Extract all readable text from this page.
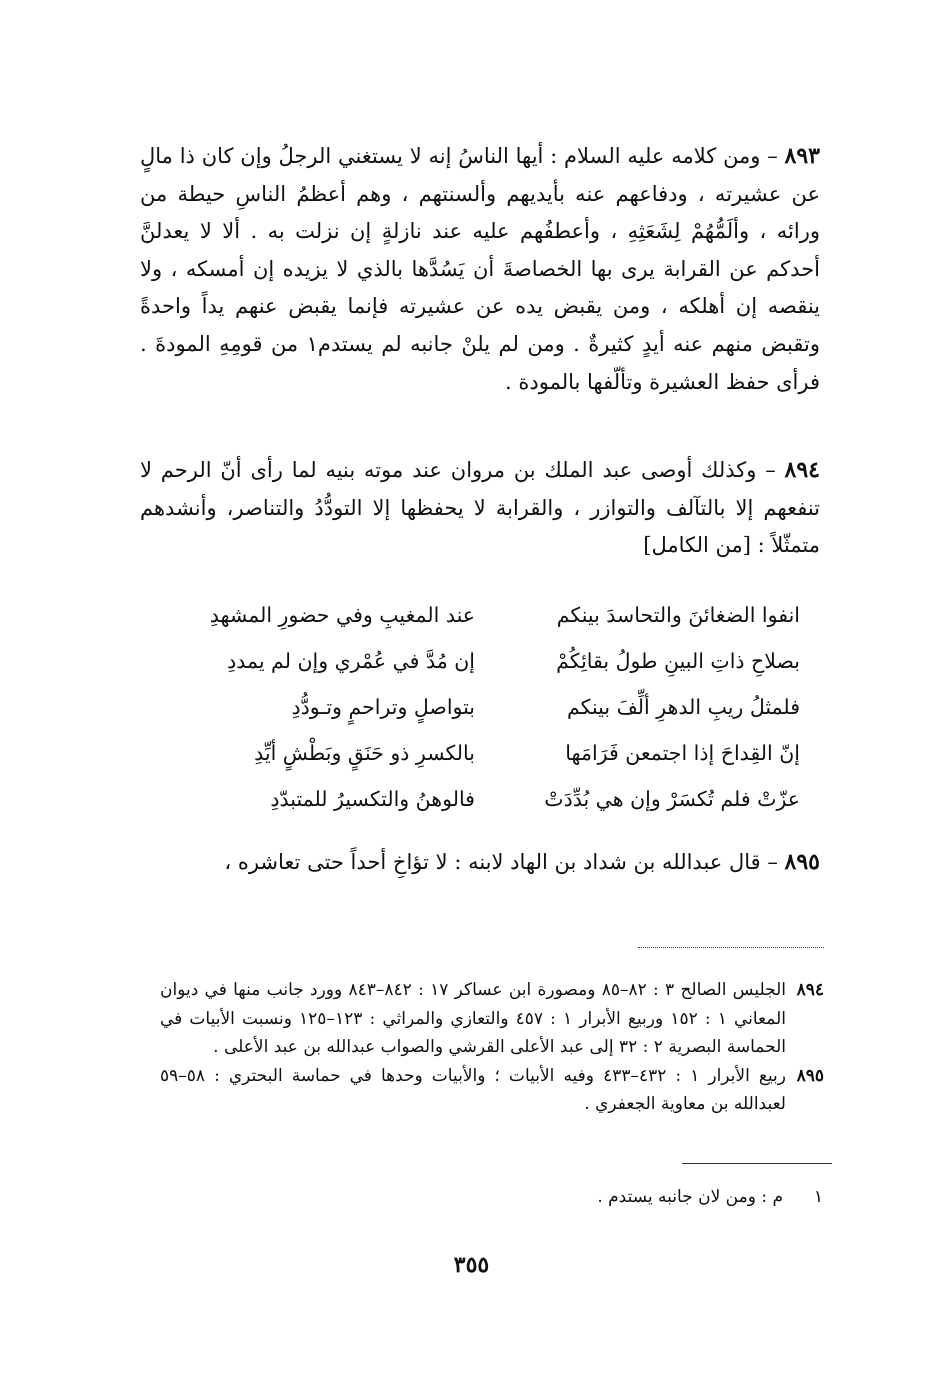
٨٩٣ – ومن كلامه عليه السلام : أيها الناسُ إنه لا يستغني الرجلُ وإن كان ذا مالٍ عن عشيرته ، ودفاعهم عنه بأيديهم وألسنتهم ، وهم أعظمُ الناسِ حيطة من ورائه ، وألَمُّهُمْ لِشَعَثِهِ ، وأعطفُهم عليه عند نازلةٍ إن نزلت به . ألا لا يعدلنَّ أحدكم عن القرابة يرى بها الخصاصةَ أن يَسُدَّها بالذي لا يزيده إن أمسكه ، ولا ينقصه إن أهلكه ، ومن يقبض يده عن عشيرته فإنما يقبض عنهم يداً واحدةً وتقبض منهم عنه أيدٍ كثيرةٌ . ومن لم يلنْ جانبه لم يستدم١ من قومِهِ المودةَ . فرأى حفظ العشيرة وتألّفها بالمودة .

٨٩٤ – وكذلك أوصى عبد الملك بن مروان عند موته بنيه لما رأى أنّ الرحم لا تنفعهم إلا بالتآلف والتوازر ، والقرابة لا يحفظها إلا التودُّدُ والتناصر، وأنشدهم متمثّلاً : [من الكامل]

انفوا الضغائنَ والتحاسدَ بينكم
عند المغيبِ وفي حضورِ المشهدِ
بصلاحِ ذاتِ البينِ طولُ بقائِكُمْ
إن مُدَّ في عُمْري وإن لم يمددِ
فلمثلُ ريبِ الدهرِ ألِّفَ بينكم
بتواصلٍ وتراحمٍ وتـودُّدِ
إنّ القِداحَ إذا اجتمعن فَرَامَها
بالكسرِ ذو حَنَقٍ وبَطْشٍ أيِّدِ
عزّتْ فلم تُكسَرْ وإن هي بُدِّدَتْ
فالوهنُ والتكسيرُ للمتبدّدِ

٨٩٥ – قال عبدالله بن شداد بن الهاد لابنه : لا تؤاخِ أحداً حتى تعاشره ،

٨٩٤
الجليس الصالح ٣ : ٨٢–٨٥ ومصورة ابن عساكر ١٧ : ٨٤٢–٨٤٣ وورد جانب منها في ديوان المعاني ١ : ١٥٢ وربيع الأبرار ١ : ٤٥٧ والتعازي والمراثي : ١٢٣–١٢٥ ونسبت الأبيات في الحماسة البصرية ٢ : ٣٢ إلى عبد الأعلى القرشي والصواب عبدالله بن عبد الأعلى .
٨٩٥
ربيع الأبرار ١ : ٤٣٢–٤٣٣ وفيه الأبيات ؛ والأبيات وحدها في حماسة البحتري : ٥٨–٥٩ لعبدالله بن معاوية الجعفري .
١م : ومن لان جانبه يستدم .
٣٥٥
